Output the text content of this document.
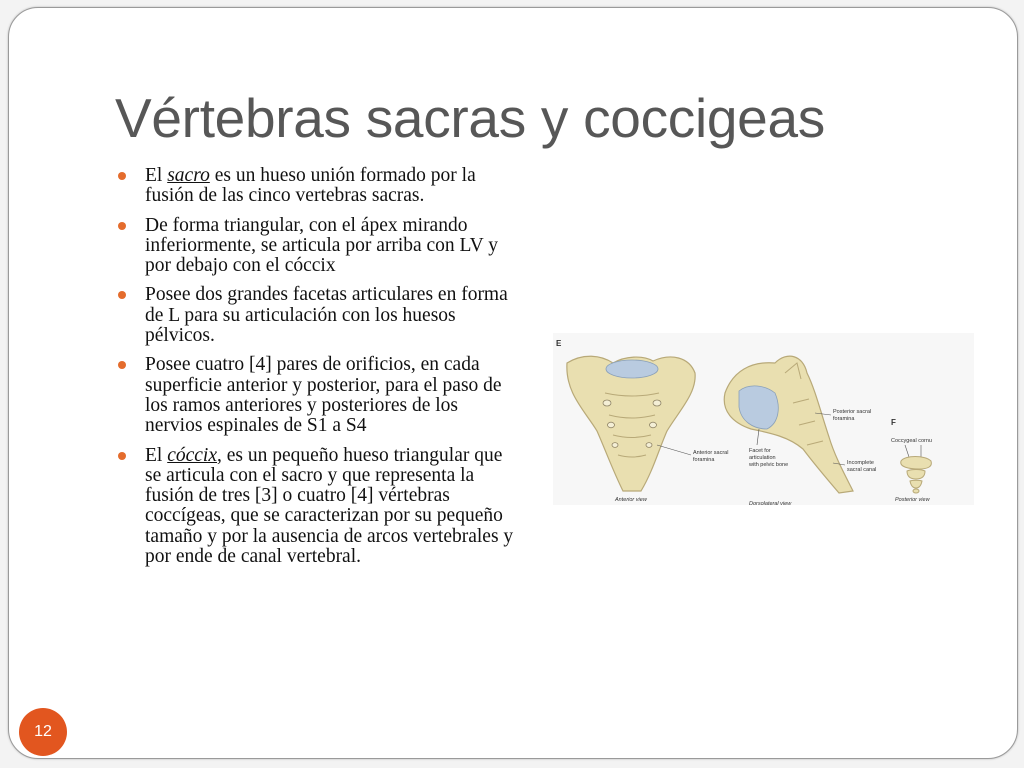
Vértebras sacras y coccigeas
El sacro es un hueso unión formado por la fusión de las cinco vertebras sacras.
De forma triangular, con el ápex mirando inferiormente, se articula por arriba con LV y por debajo con el cóccix
Posee dos grandes facetas articulares en forma de L para su articulación con los huesos pélvicos.
Posee cuatro [4] pares de orificios, en cada superficie anterior y posterior, para el paso de los ramos anteriores y posteriores de los nervios espinales de S1 a S4
El cóccix, es un pequeño hueso triangular que se articula con el sacro y que representa la fusión de tres [3] o cuatro [4] vértebras coccígeas, que se caracterizan por su pequeño tamaño y por la ausencia de arcos vertebrales y por ende de canal vertebral.
E
Anterior sacral
foramina
Anterior view
Posterior sacral
foramina
Incomplete
sacral canal
Facet for
articulation
with pelvic bone
Dorsolateral view
F
Coccygeal cornu
Posterior view
12
